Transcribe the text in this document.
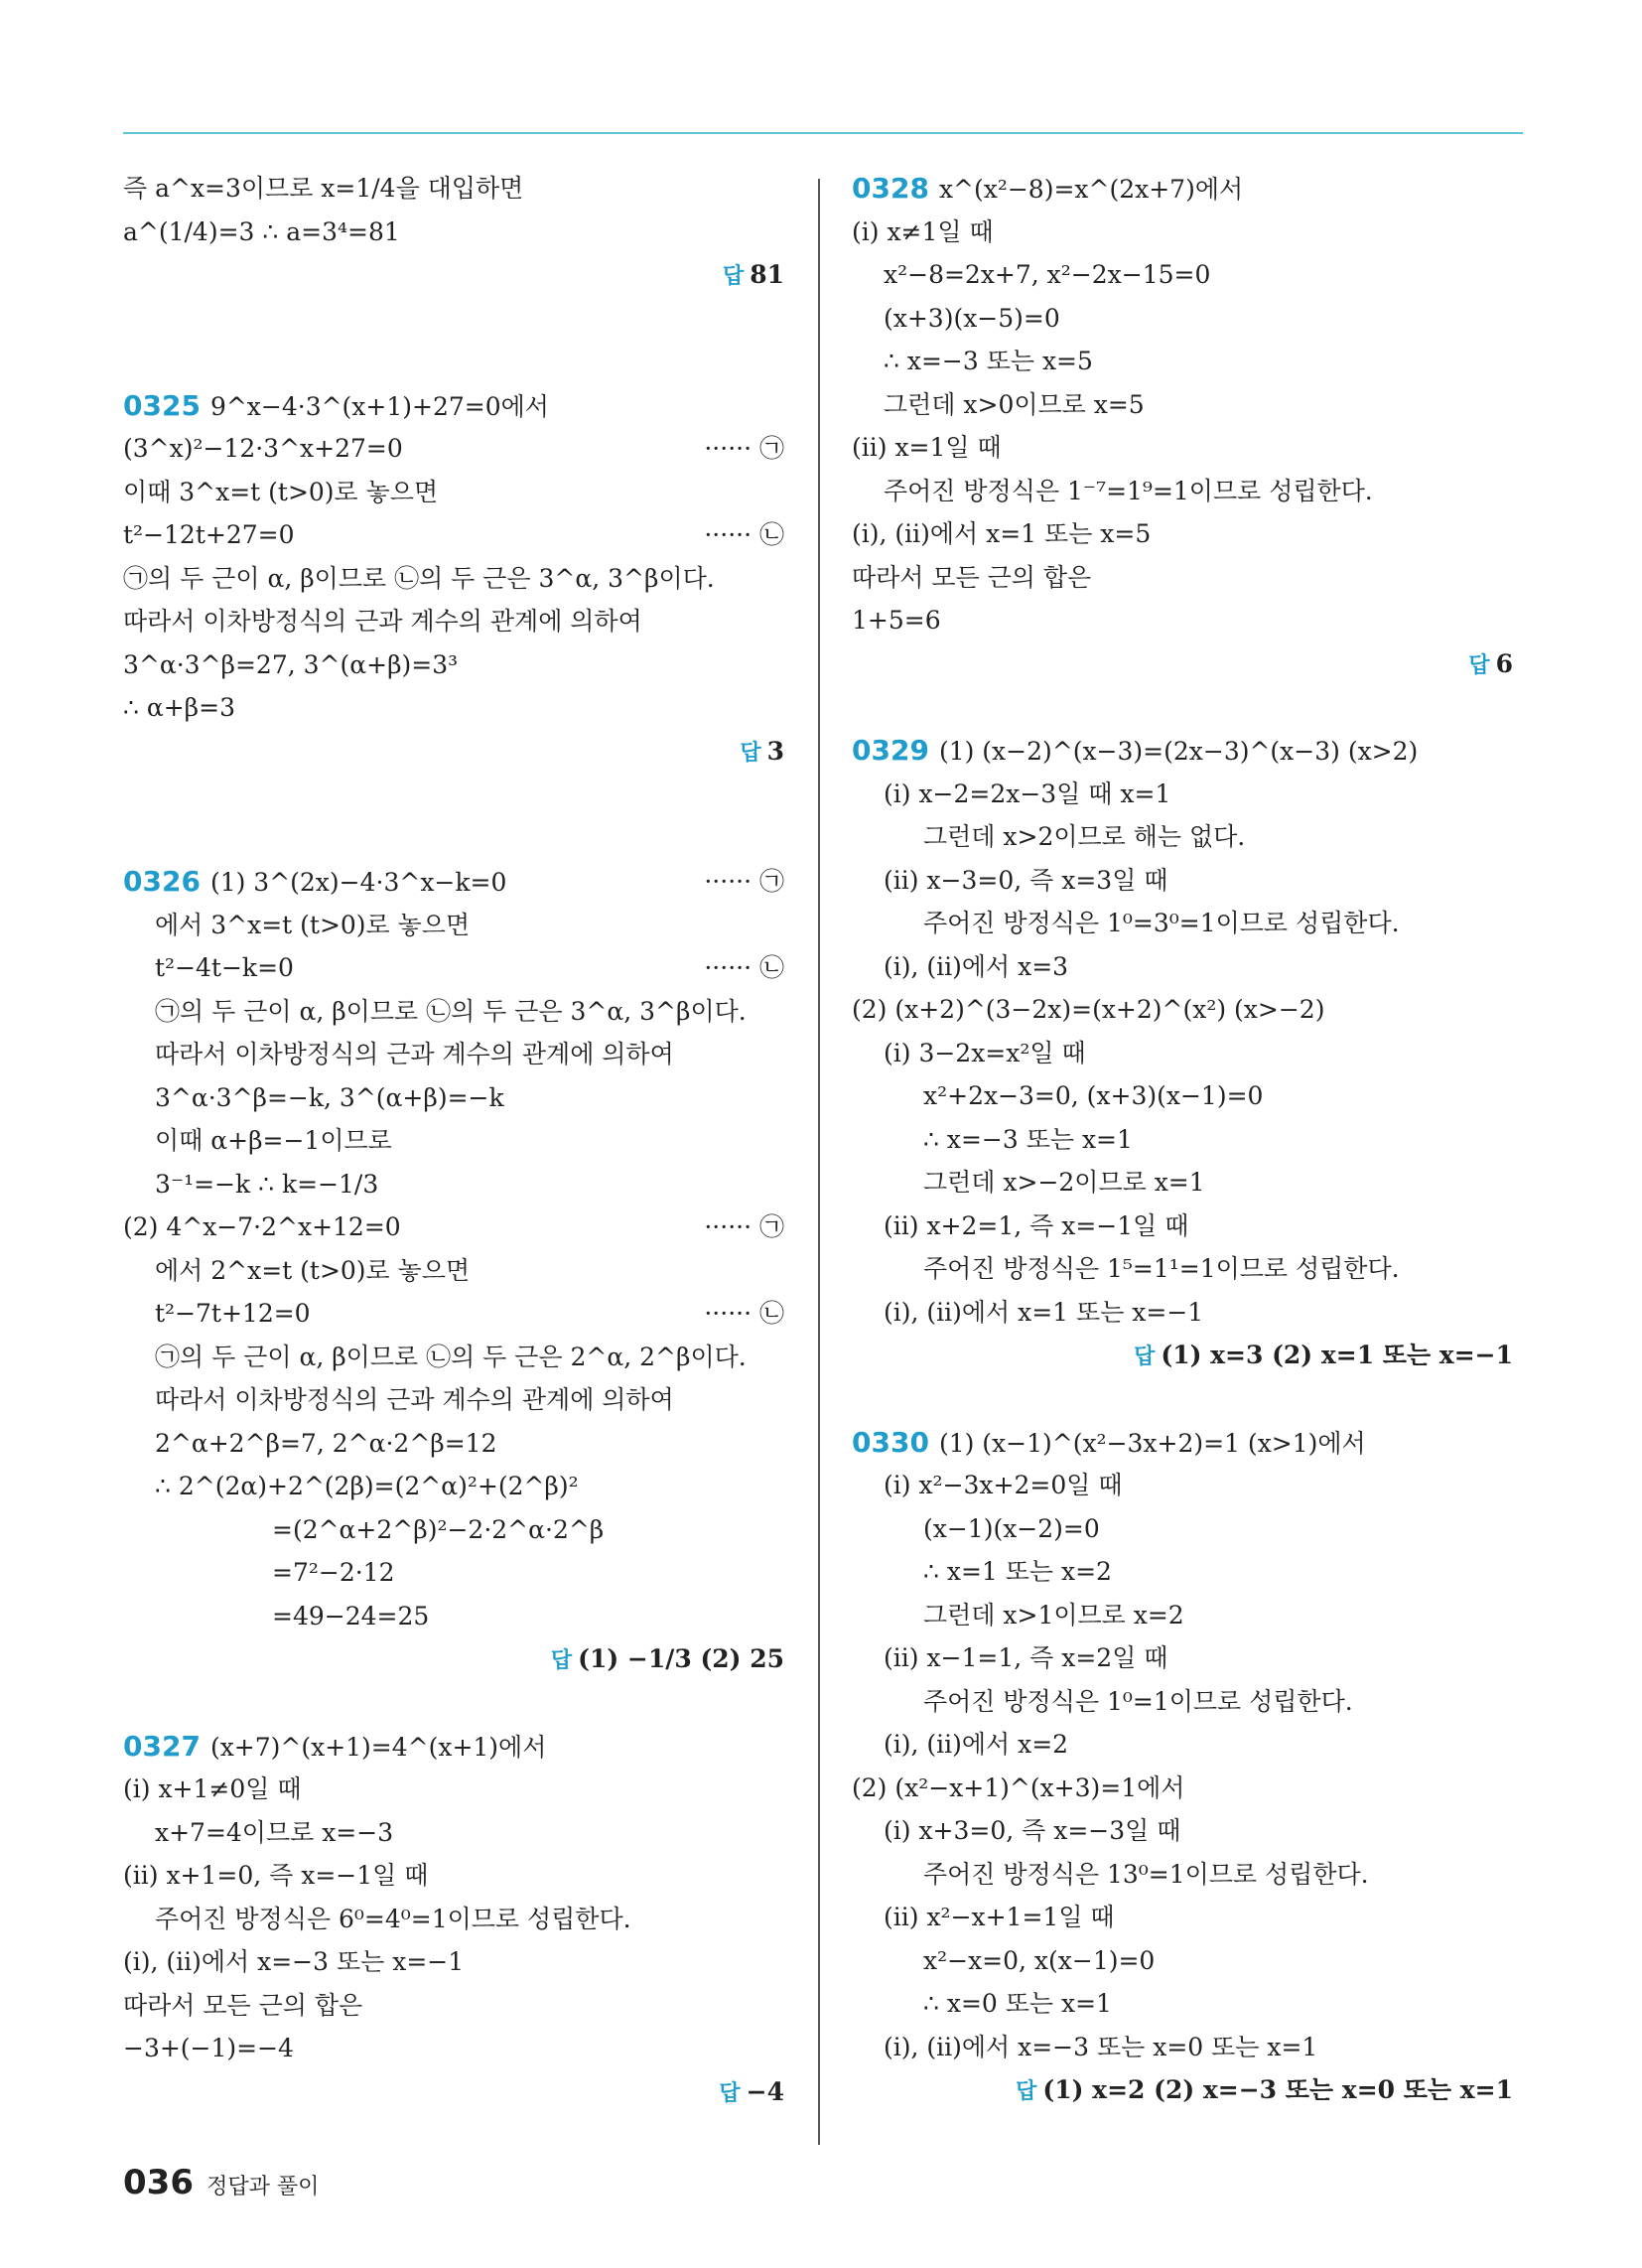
즉 a^x=3이므로 x=1/4을 대입하면
a^(1/4)=3 ∴ a=3⁴=81
답 81
0325 9^x−4·3^(x+1)+27=0에서
(3^x)²−12·3^x+27=0	······ ㉠
이때 3^x=t (t>0)로 놓으면
t²−12t+27=0	······ ㉡
㉠의 두 근이 α, β이므로 ㉡의 두 근은 3^α, 3^β이다.
따라서 이차방정식의 근과 계수의 관계에 의하여
3^α·3^β=27, 3^(α+β)=3³
∴ α+β=3
답 3
0326 (1) 3^(2x)−4·3^x−k=0	······ ㉠
에서 3^x=t (t>0)로 놓으면
t²−4t−k=0	······ ㉡
㉠의 두 근이 α, β이므로 ㉡의 두 근은 3^α, 3^β이다.
따라서 이차방정식의 근과 계수의 관계에 의하여
3^α·3^β=−k, 3^(α+β)=−k
이때 α+β=−1이므로
3⁻¹=−k ∴ k=−1/3
(2) 4^x−7·2^x+12=0	······ ㉠
에서 2^x=t (t>0)로 놓으면
t²−7t+12=0	······ ㉡
㉠의 두 근이 α, β이므로 ㉡의 두 근은 2^α, 2^β이다.
따라서 이차방정식의 근과 계수의 관계에 의하여
2^α+2^β=7, 2^α·2^β=12
∴ 2^(2α)+2^(2β)=(2^α)²+(2^β)²
=(2^α+2^β)²−2·2^α·2^β
=7²−2·12
=49−24=25
답 (1) −1/3 (2) 25
0327 (x+7)^(x+1)=4^(x+1)에서
(i) x+1≠0일 때
x+7=4이므로 x=−3
(ii) x+1=0, 즉 x=−1일 때
주어진 방정식은 6⁰=4⁰=1이므로 성립한다.
(i), (ii)에서 x=−3 또는 x=−1
따라서 모든 근의 합은
−3+(−1)=−4
답 −4
0328 x^(x²−8)=x^(2x+7)에서
(i) x≠1일 때
x²−8=2x+7, x²−2x−15=0
(x+3)(x−5)=0
∴ x=−3 또는 x=5
그런데 x>0이므로 x=5
(ii) x=1일 때
주어진 방정식은 1⁻⁷=1⁹=1이므로 성립한다.
(i), (ii)에서 x=1 또는 x=5
따라서 모든 근의 합은
1+5=6
답 6
0329 (1) (x−2)^(x−3)=(2x−3)^(x−3) (x>2)
(i) x−2=2x−3일 때 x=1
그런데 x>2이므로 해는 없다.
(ii) x−3=0, 즉 x=3일 때
주어진 방정식은 1⁰=3⁰=1이므로 성립한다.
(i), (ii)에서 x=3
(2) (x+2)^(3−2x)=(x+2)^(x²) (x>−2)
(i) 3−2x=x²일 때
x²+2x−3=0, (x+3)(x−1)=0
∴ x=−3 또는 x=1
그런데 x>−2이므로 x=1
(ii) x+2=1, 즉 x=−1일 때
주어진 방정식은 1⁵=1¹=1이므로 성립한다.
(i), (ii)에서 x=1 또는 x=−1
답 (1) x=3 (2) x=1 또는 x=−1
0330 (1) (x−1)^(x²−3x+2)=1 (x>1)에서
(i) x²−3x+2=0일 때
(x−1)(x−2)=0
∴ x=1 또는 x=2
그런데 x>1이므로 x=2
(ii) x−1=1, 즉 x=2일 때
주어진 방정식은 1⁰=1이므로 성립한다.
(i), (ii)에서 x=2
(2) (x²−x+1)^(x+3)=1에서
(i) x+3=0, 즉 x=−3일 때
주어진 방정식은 13⁰=1이므로 성립한다.
(ii) x²−x+1=1일 때
x²−x=0, x(x−1)=0
∴ x=0 또는 x=1
(i), (ii)에서 x=−3 또는 x=0 또는 x=1
답 (1) x=2 (2) x=−3 또는 x=0 또는 x=1
036 정답과 풀이
